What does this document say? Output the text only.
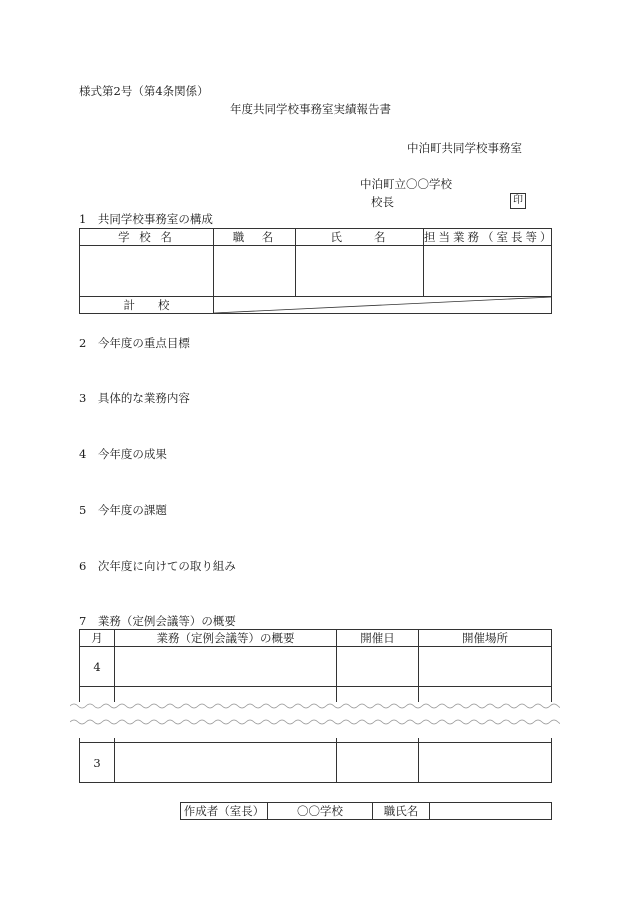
様式第2号（第4条関係）
年度共同学校事務室実績報告書
中泊町共同学校事務室
中泊町立〇〇学校
校長	印
1　共同学校事務室の構成
学 校 名	職　名	氏　　名	担当業務（室長等）

計　　校	
2　今年度の重点目標
3　具体的な業務内容
4　今年度の成果
5　今年度の課題
6　次年度に向けての取り組み
7　業務（定例会議等）の概要
月	業務（定例会議等）の概要	開催日	開催場所
4			

3			
作成者（室長）	〇〇学校	職氏名	
